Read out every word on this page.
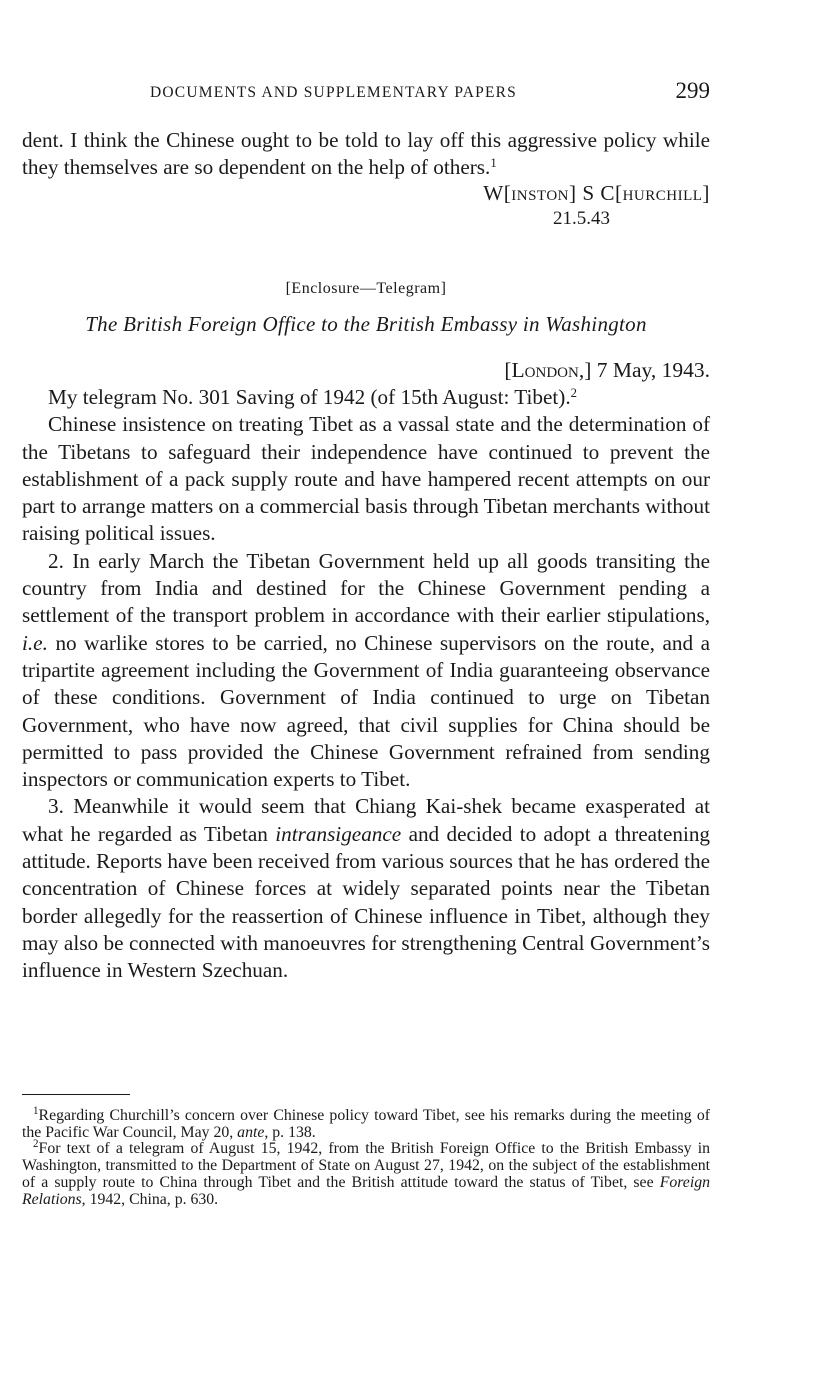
DOCUMENTS AND SUPPLEMENTARY PAPERS	299

dent. I think the Chinese ought to be told to lay off this aggressive policy while they themselves are so dependent on the help of others.$^1$

W[inston] S C[hurchill]
21.5.43
[Enclosure—Telegram]
The British Foreign Office to the British Embassy in Washington
[London,] 7 May, 1943.

My telegram No. 301 Saving of 1942 (of 15th August: Tibet).$^2$

Chinese insistence on treating Tibet as a vassal state and the determination of the Tibetans to safeguard their independence have continued to prevent the establishment of a pack supply route and have hampered recent attempts on our part to arrange matters on a commercial basis through Tibetan merchants without raising political issues.

2. In early March the Tibetan Government held up all goods transiting the country from India and destined for the Chinese Government pending a settlement of the transport problem in accordance with their earlier stipulations, i.e. no warlike stores to be carried, no Chinese supervisors on the route, and a tripartite agreement including the Government of India guaranteeing observance of these conditions. Government of India continued to urge on Tibetan Government, who have now agreed, that civil supplies for China should be permitted to pass provided the Chinese Government refrained from sending inspectors or communication experts to Tibet.

3. Meanwhile it would seem that Chiang Kai-shek became exasperated at what he regarded as Tibetan intransigeance and decided to adopt a threatening attitude. Reports have been received from various sources that he has ordered the concentration of Chinese forces at widely separated points near the Tibetan border allegedly for the reassertion of Chinese influence in Tibet, although they may also be connected with manoeuvres for strengthening Central Government’s influence in Western Szechuan.

$^1$Regarding Churchill’s concern over Chinese policy toward Tibet, see his remarks during the meeting of the Pacific War Council, May 20, ante, p. 138.

$^2$For text of a telegram of August 15, 1942, from the British Foreign Office to the British Embassy in Washington, transmitted to the Department of State on August 27, 1942, on the subject of the establishment of a supply route to China through Tibet and the British attitude toward the status of Tibet, see Foreign Relations, 1942, China, p. 630.
